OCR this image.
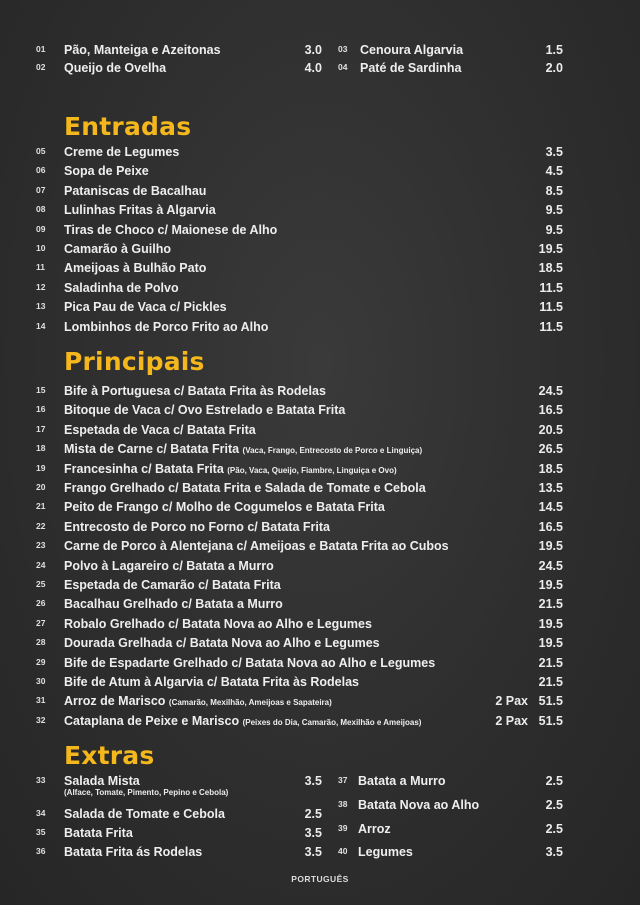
01 Pão, Manteiga e Azeitonas	3.0
02 Queijo de Ovelha	4.0
03 Cenoura Algarvia	1.5
04 Paté de Sardinha	2.0
Entradas
05 Creme de Legumes	3.5
06 Sopa de Peixe	4.5
07 Pataniscas de Bacalhau	8.5
08 Lulinhas Fritas à Algarvia	9.5
09 Tiras de Choco c/ Maionese de Alho	9.5
10 Camarão à Guilho	19.5
11 Ameijoas à Bulhão Pato	18.5
12 Saladinha de Polvo	11.5
13 Pica Pau de Vaca c/ Pickles	11.5
14 Lombinhos de Porco Frito ao Alho	11.5
Principais
15 Bife à Portuguesa c/ Batata Frita às Rodelas	24.5
16 Bitoque de Vaca c/ Ovo Estrelado e Batata Frita	16.5
17 Espetada de Vaca c/ Batata Frita	20.5
18 Mista de Carne c/ Batata Frita (Vaca, Frango, Entrecosto de Porco e Linguiça)	26.5
19 Francesinha c/ Batata Frita (Pão, Vaca, Queijo, Fiambre, Linguiça e Ovo)	18.5
20 Frango Grelhado c/ Batata Frita e Salada de Tomate e Cebola	13.5
21 Peito de Frango c/ Molho de Cogumelos e Batata Frita	14.5
22 Entrecosto de Porco no Forno c/ Batata Frita	16.5
23 Carne de Porco à Alentejana c/ Ameijoas e Batata Frita ao Cubos	19.5
24 Polvo à Lagareiro c/ Batata a Murro	24.5
25 Espetada de Camarão c/ Batata Frita	19.5
26 Bacalhau Grelhado c/ Batata a Murro	21.5
27 Robalo Grelhado c/ Batata Nova ao Alho e Legumes	19.5
28 Dourada Grelhada c/ Batata Nova ao Alho e Legumes	19.5
29 Bife de Espadarte Grelhado c/ Batata Nova ao Alho e Legumes	21.5
30 Bife de Atum à Algarvia c/ Batata Frita às Rodelas	21.5
31 Arroz de Marisco (Camarão, Mexilhão, Ameijoas e Sapateira)	2 Pax 51.5
32 Cataplana de Peixe e Marisco (Peixes do Dia, Camarão, Mexilhão e Ameijoas)	2 Pax 51.5
Extras
33 Salada Mista	3.5
(Alface, Tomate, Pimento, Pepino e Cebola)
34 Salada de Tomate e Cebola	2.5
35 Batata Frita	3.5
36 Batata Frita ás Rodelas	3.5
37 Batata a Murro	2.5
38 Batata Nova ao Alho	2.5
39 Arroz	2.5
40 Legumes	3.5
PORTUGUÊS
